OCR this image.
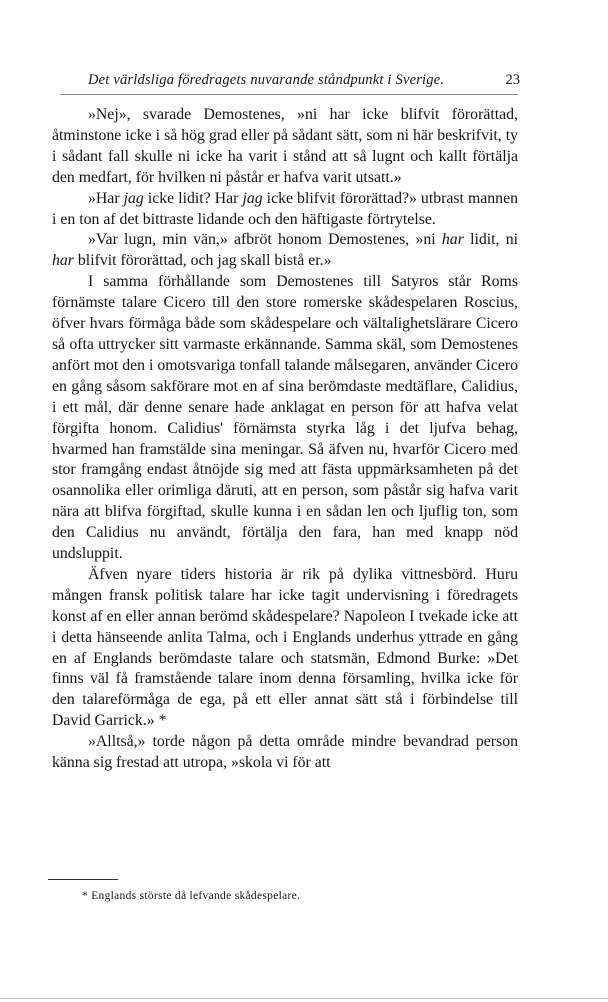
Det världsliga föredragets nuvarande ståndpunkt i Sverige.	23

»Nej», svarade Demostenes, »ni har icke blifvit förorättad, åtminstone icke i så hög grad eller på sådant sätt, som ni här beskrifvit, ty i sådant fall skulle ni icke ha varit i stånd att så lugnt och kallt förtälja den medfart, för hvilken ni påstår er hafva varit utsatt.»

»Har jag icke lidit? Har jag icke blifvit förorättad?» utbrast mannen i en ton af det bittraste lidande och den häftigaste förtrytelse.

»Var lugn, min vän,» afbröt honom Demostenes, »ni har lidit, ni har blifvit förorättad, och jag skall bistå er.»

I samma förhållande som Demostenes till Satyros står Roms förnämste talare Cicero till den store romerske skådespelaren Roscius, öfver hvars förmåga både som skådespelare och vältalighetslärare Cicero så ofta uttrycker sitt varmaste erkännande. Samma skäl, som Demostenes anfört mot den i omotsvariga tonfall talande målsegaren, använder Cicero en gång såsom sakförare mot en af sina berömdaste medtäflare, Calidius, i ett mål, där denne senare hade anklagat en person för att hafva velat förgifta honom. Calidius' förnämsta styrka låg i det ljufva behag, hvarmed han framstälde sina meningar. Så äfven nu, hvarför Cicero med stor framgång endast åtnöjde sig med att fästa uppmärksamheten på det osannolika eller orimliga däruti, att en person, som påstår sig hafva varit nära att blifva förgiftad, skulle kunna i en sådan len och ljuflig ton, som den Calidius nu användt, förtälja den fara, han med knapp nöd undsluppit.

Äfven nyare tiders historia är rik på dylika vittnesbörd. Huru mången fransk politisk talare har icke tagit undervisning i föredragets konst af en eller annan berömd skådespelare? Napoleon I tvekade icke att i detta hänseende anlita Talma, och i Englands underhus yttrade en gång en af Englands berömdaste talare och statsmän, Edmond Burke: »Det finns väl få framstående talare inom denna församling, hvilka icke för den talareförmåga de ega, på ett eller annat sätt stå i förbindelse till David Garrick.» *

»Alltså,» torde någon på detta område mindre bevandrad person känna sig frestad att utropa, »skola vi för att

* Englands störste då lefvande skådespelare.
